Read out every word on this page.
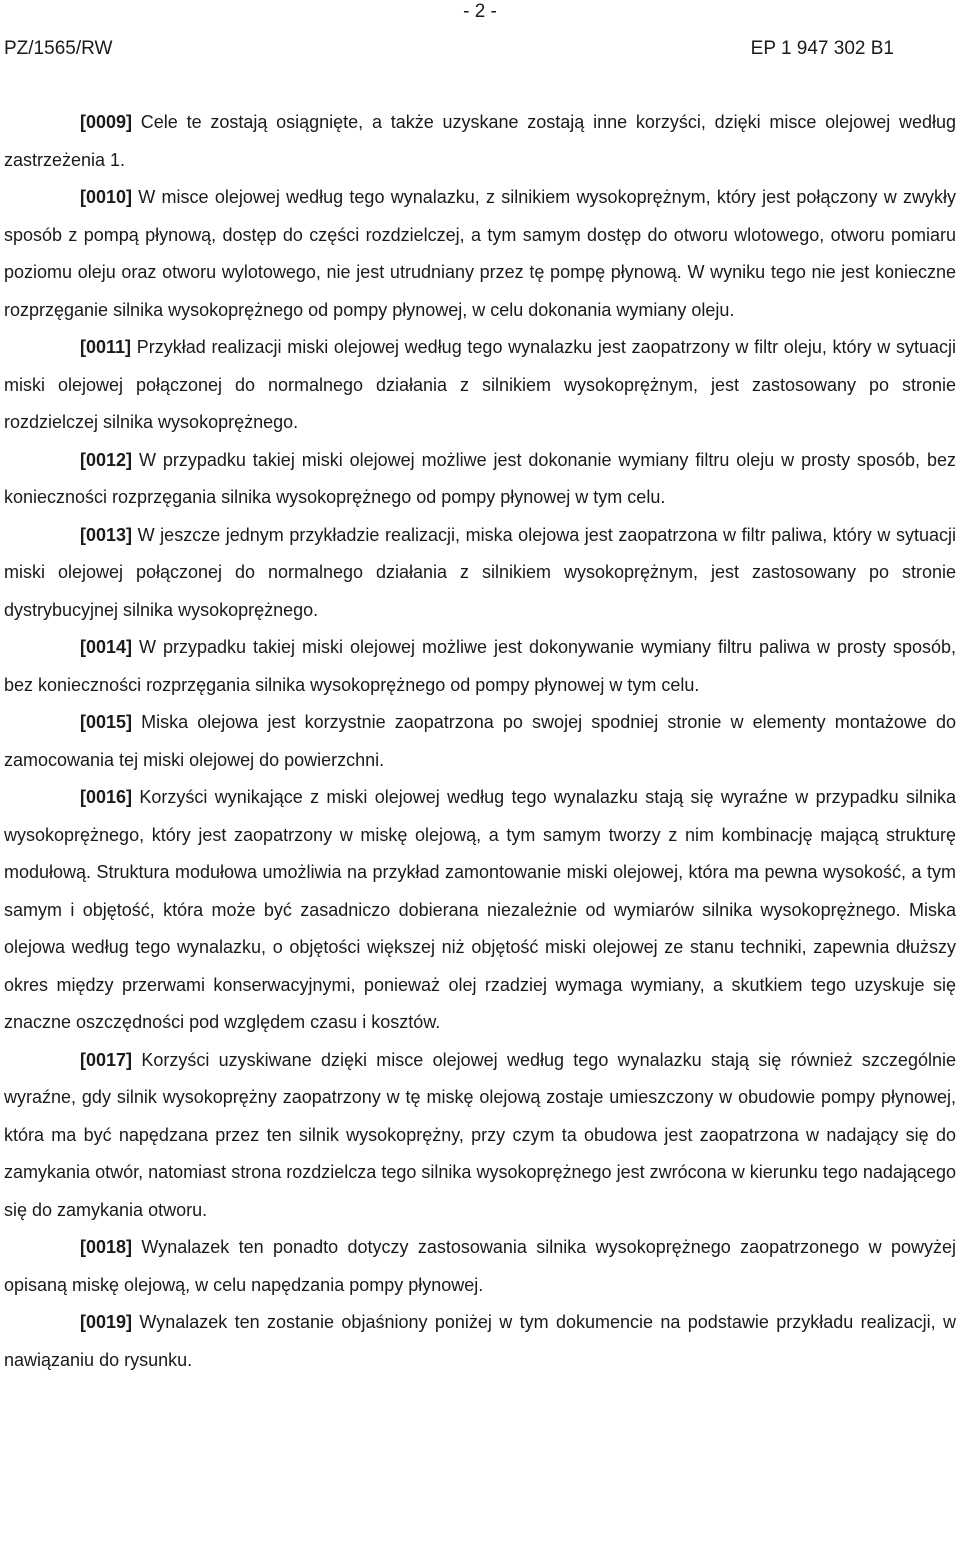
- 2 -
PZ/1565/RW	EP 1 947 302 B1

[0009] Cele te zostają osiągnięte, a także uzyskane zostają inne korzyści, dzięki misce olejowej według zastrzeżenia 1.

[0010] W misce olejowej według tego wynalazku, z silnikiem wysokoprężnym, który jest połączony w zwykły sposób z pompą płynową, dostęp do części rozdzielczej, a tym samym dostęp do otworu wlotowego, otworu pomiaru poziomu oleju oraz otworu wylotowego, nie jest utrudniany przez tę pompę płynową. W wyniku tego nie jest konieczne rozprzęganie silnika wysokoprężnego od pompy płynowej, w celu dokonania wymiany oleju.

[0011] Przykład realizacji miski olejowej według tego wynalazku jest zaopatrzony w filtr oleju, który w sytuacji miski olejowej połączonej do normalnego działania z silnikiem wysokoprężnym, jest zastosowany po stronie rozdzielczej silnika wysokoprężnego.

[0012] W przypadku takiej miski olejowej możliwe jest dokonanie wymiany filtru oleju w prosty sposób, bez konieczności rozprzęgania silnika wysokoprężnego od pompy płynowej w tym celu.

[0013] W jeszcze jednym przykładzie realizacji, miska olejowa jest zaopatrzona w filtr paliwa, który w sytuacji miski olejowej połączonej do normalnego działania z silnikiem wysokoprężnym, jest zastosowany po stronie dystrybucyjnej silnika wysokoprężnego.

[0014] W przypadku takiej miski olejowej możliwe jest dokonywanie wymiany filtru paliwa w prosty sposób, bez konieczności rozprzęgania silnika wysokoprężnego od pompy płynowej w tym celu.

[0015] Miska olejowa jest korzystnie zaopatrzona po swojej spodniej stronie w elementy montażowe do zamocowania tej miski olejowej do powierzchni.

[0016] Korzyści wynikające z miski olejowej według tego wynalazku stają się wyraźne w przypadku silnika wysokoprężnego, który jest zaopatrzony w miskę olejową, a tym samym tworzy z nim kombinację mającą strukturę modułową. Struktura modułowa umożliwia na przykład zamontowanie miski olejowej, która ma pewna wysokość, a tym samym i objętość, która może być zasadniczo dobierana niezależnie od wymiarów silnika wysokoprężnego. Miska olejowa według tego wynalazku, o objętości większej niż objętość miski olejowej ze stanu techniki, zapewnia dłuższy okres między przerwami konserwacyjnymi, ponieważ olej rzadziej wymaga wymiany, a skutkiem tego uzyskuje się znaczne oszczędności pod względem czasu i kosztów.

[0017] Korzyści uzyskiwane dzięki misce olejowej według tego wynalazku stają się również szczególnie wyraźne, gdy silnik wysokoprężny zaopatrzony w tę miskę olejową zostaje umieszczony w obudowie pompy płynowej, która ma być napędzana przez ten silnik wysokoprężny, przy czym ta obudowa jest zaopatrzona w nadający się do zamykania otwór, natomiast strona rozdzielcza tego silnika wysokoprężnego jest zwrócona w kierunku tego nadającego się do zamykania otworu.

[0018] Wynalazek ten ponadto dotyczy zastosowania silnika wysokoprężnego zaopatrzonego w powyżej opisaną miskę olejową, w celu napędzania pompy płynowej.

[0019] Wynalazek ten zostanie objaśniony poniżej w tym dokumencie na podstawie przykładu realizacji, w nawiązaniu do rysunku.
